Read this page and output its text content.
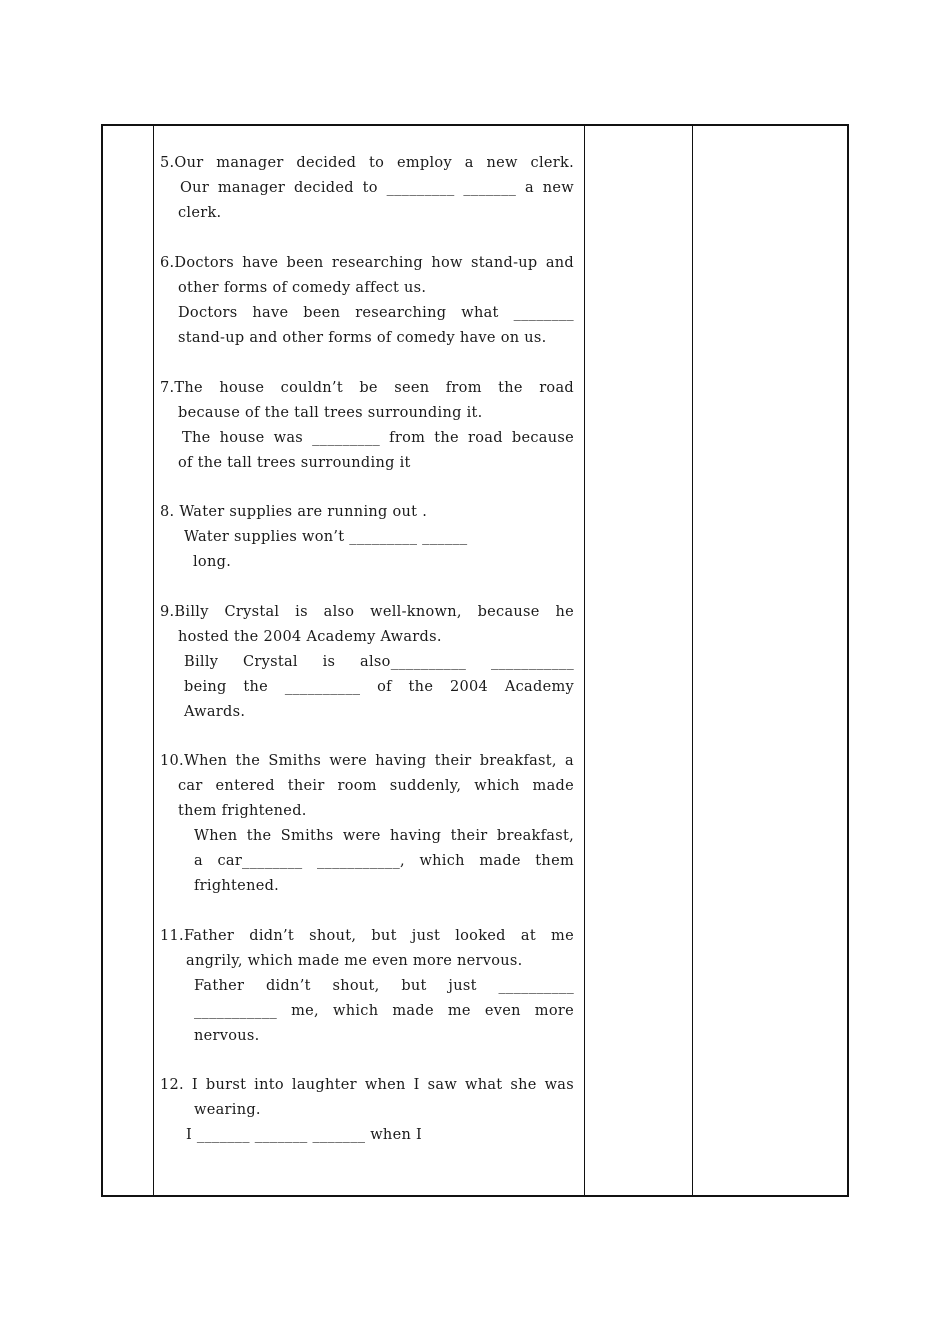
5.Our manager decided to employ a new clerk.
Our manager decided to _________ _______ a new
clerk.
6.Doctors have been researching how stand-up and
other forms of comedy affect us.
Doctors have been researching what ________
stand-up and other forms of comedy have on us.
7.The house couldn’t be seen from the road
because of the tall trees surrounding it.
The house was _________ from the road because
of the tall trees surrounding it
8. Water supplies are running out .
Water supplies won’t _________ ______
long.
9.Billy Crystal is also well-known, because he
hosted the 2004 Academy Awards.
Billy Crystal is also__________ ___________
being the __________ of the 2004 Academy
Awards.
10.When the Smiths were having their breakfast, a
car entered their room suddenly, which made
them frightened.
When the Smiths were having their breakfast,
a car________ ___________, which made them
frightened.
11.Father didn’t shout, but just looked at me
angrily, which made me even more nervous.
Father didn’t shout, but just __________
___________ me, which made me even more
nervous.
12. I burst into laughter when I saw what she was
wearing.
I _______ _______ _______ when I
